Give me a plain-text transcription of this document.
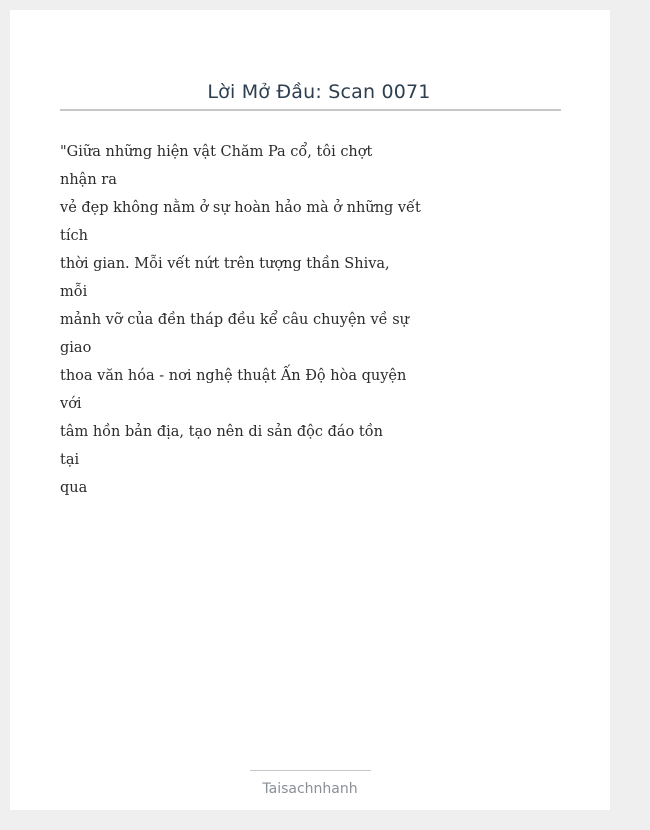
Lời Mở Đầu: Scan 0071
"Giữa những hiện vật Chăm Pa cổ, tôi chợt
nhận ra
vẻ đẹp không nằm ở sự hoàn hảo mà ở những vết
tích
thời gian. Mỗi vết nứt trên tượng thần Shiva,
mỗi
mảnh vỡ của đền tháp đều kể câu chuyện về sự
giao
thoa văn hóa - nơi nghệ thuật Ấn Độ hòa quyện
với
tâm hồn bản địa, tạo nên di sản độc đáo tồn
tại
qua
Taisachnhanh
